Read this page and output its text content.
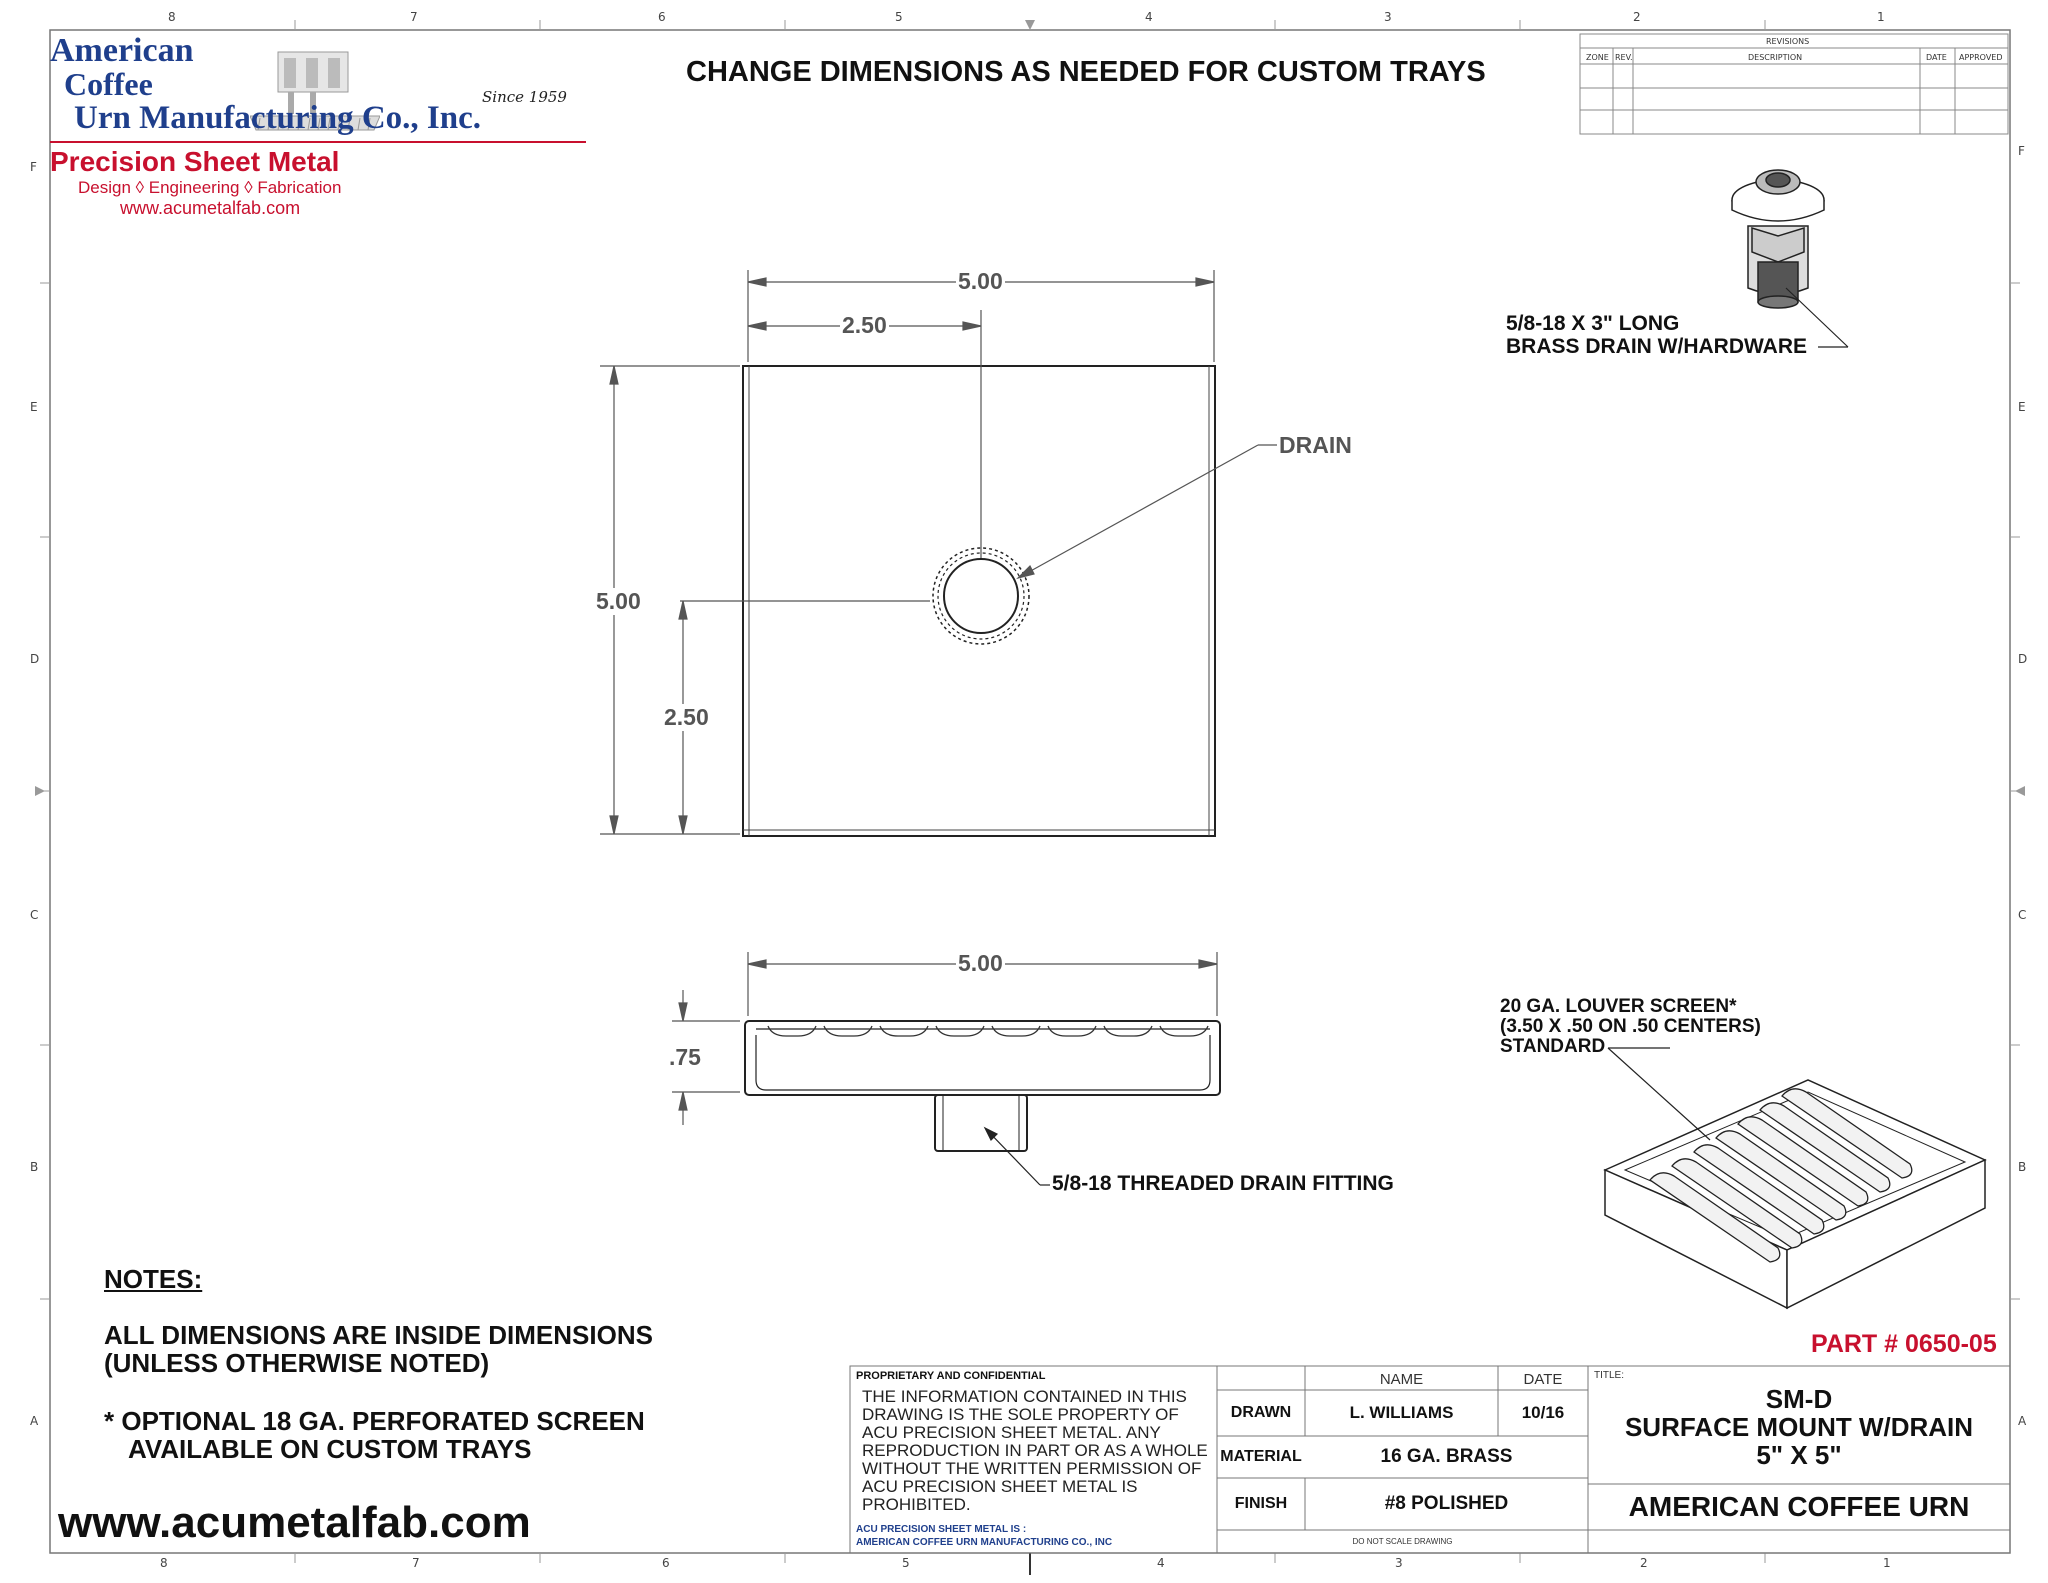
8	7	6	5	4	3	2	1
8	7	6	5	4	3	2	1
F
E
D
C
B
A
F
E
D
C
B
A
American
Coffee
Urn Manufacturing Co., Inc.
Since 1959
Precision Sheet Metal
Design ◊ Engineering ◊ Fabrication
www.acumetalfab.com
CHANGE DIMENSIONS AS NEEDED FOR CUSTOM TRAYS
REVISIONS
ZONE REV.	DESCRIPTION	DATE APPROVED
5.00
2.50
5.00
2.50
5.00
.75
DRAIN
5/8-18 X 3" LONG
BRASS DRAIN W/HARDWARE
5/8-18 THREADED DRAIN FITTING
20 GA. LOUVER SCREEN*
(3.50 X .50 ON .50 CENTERS)
STANDARD
NOTES:
ALL DIMENSIONS ARE INSIDE DIMENSIONS
(UNLESS OTHERWISE NOTED)
* OPTIONAL 18 GA. PERFORATED SCREEN
AVAILABLE ON CUSTOM TRAYS
www.acumetalfab.com
PART # 0650-05
PROPRIETARY AND CONFIDENTIAL
THE INFORMATION CONTAINED IN THIS DRAWING IS THE SOLE PROPERTY OF ACU PRECISION SHEET METAL. ANY REPRODUCTION IN PART OR AS A WHOLE WITHOUT THE WRITTEN PERMISSION OF ACU PRECISION SHEET METAL IS PROHIBITED.
ACU PRECISION SHEET METAL IS :
AMERICAN COFFEE URN MANUFACTURING CO., INC
NAME	DATE
DRAWN	L. WILLIAMS	10/16
MATERIAL	16 GA. BRASS
FINISH	#8 POLISHED
DO NOT SCALE DRAWING
TITLE:
SM-D
SURFACE MOUNT W/DRAIN
5" X 5"
AMERICAN COFFEE URN
